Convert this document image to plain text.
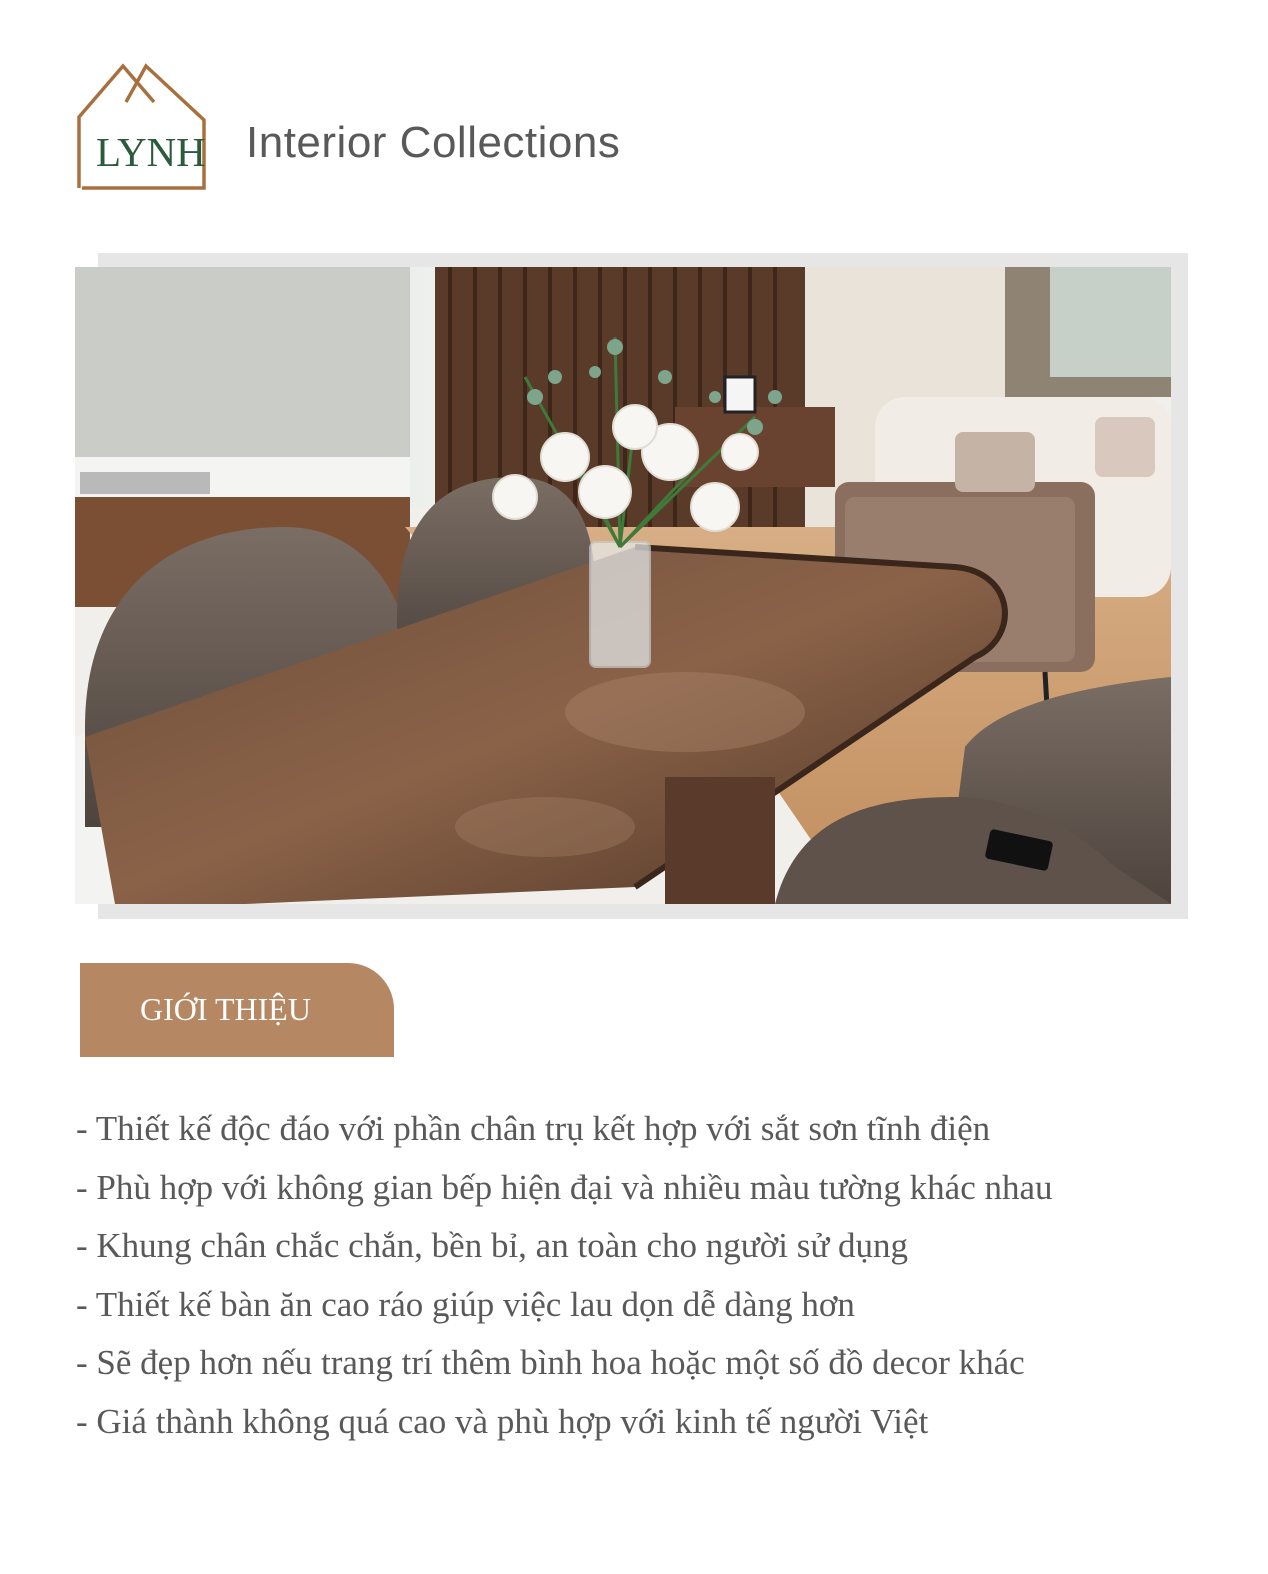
LYNH Interior Collections
GIỚI THIỆU
- Thiết kế độc đáo với phần chân trụ kết hợp với sắt sơn tĩnh điện
- Phù hợp với không gian bếp hiện đại và nhiều màu tường khác nhau
- Khung chân chắc chắn, bền bỉ, an toàn cho người sử dụng
- Thiết kế bàn ăn cao ráo giúp việc lau dọn dễ dàng hơn
- Sẽ đẹp hơn nếu trang trí thêm bình hoa hoặc một số đồ decor khác
- Giá thành không quá cao và phù hợp với kinh tế người Việt
